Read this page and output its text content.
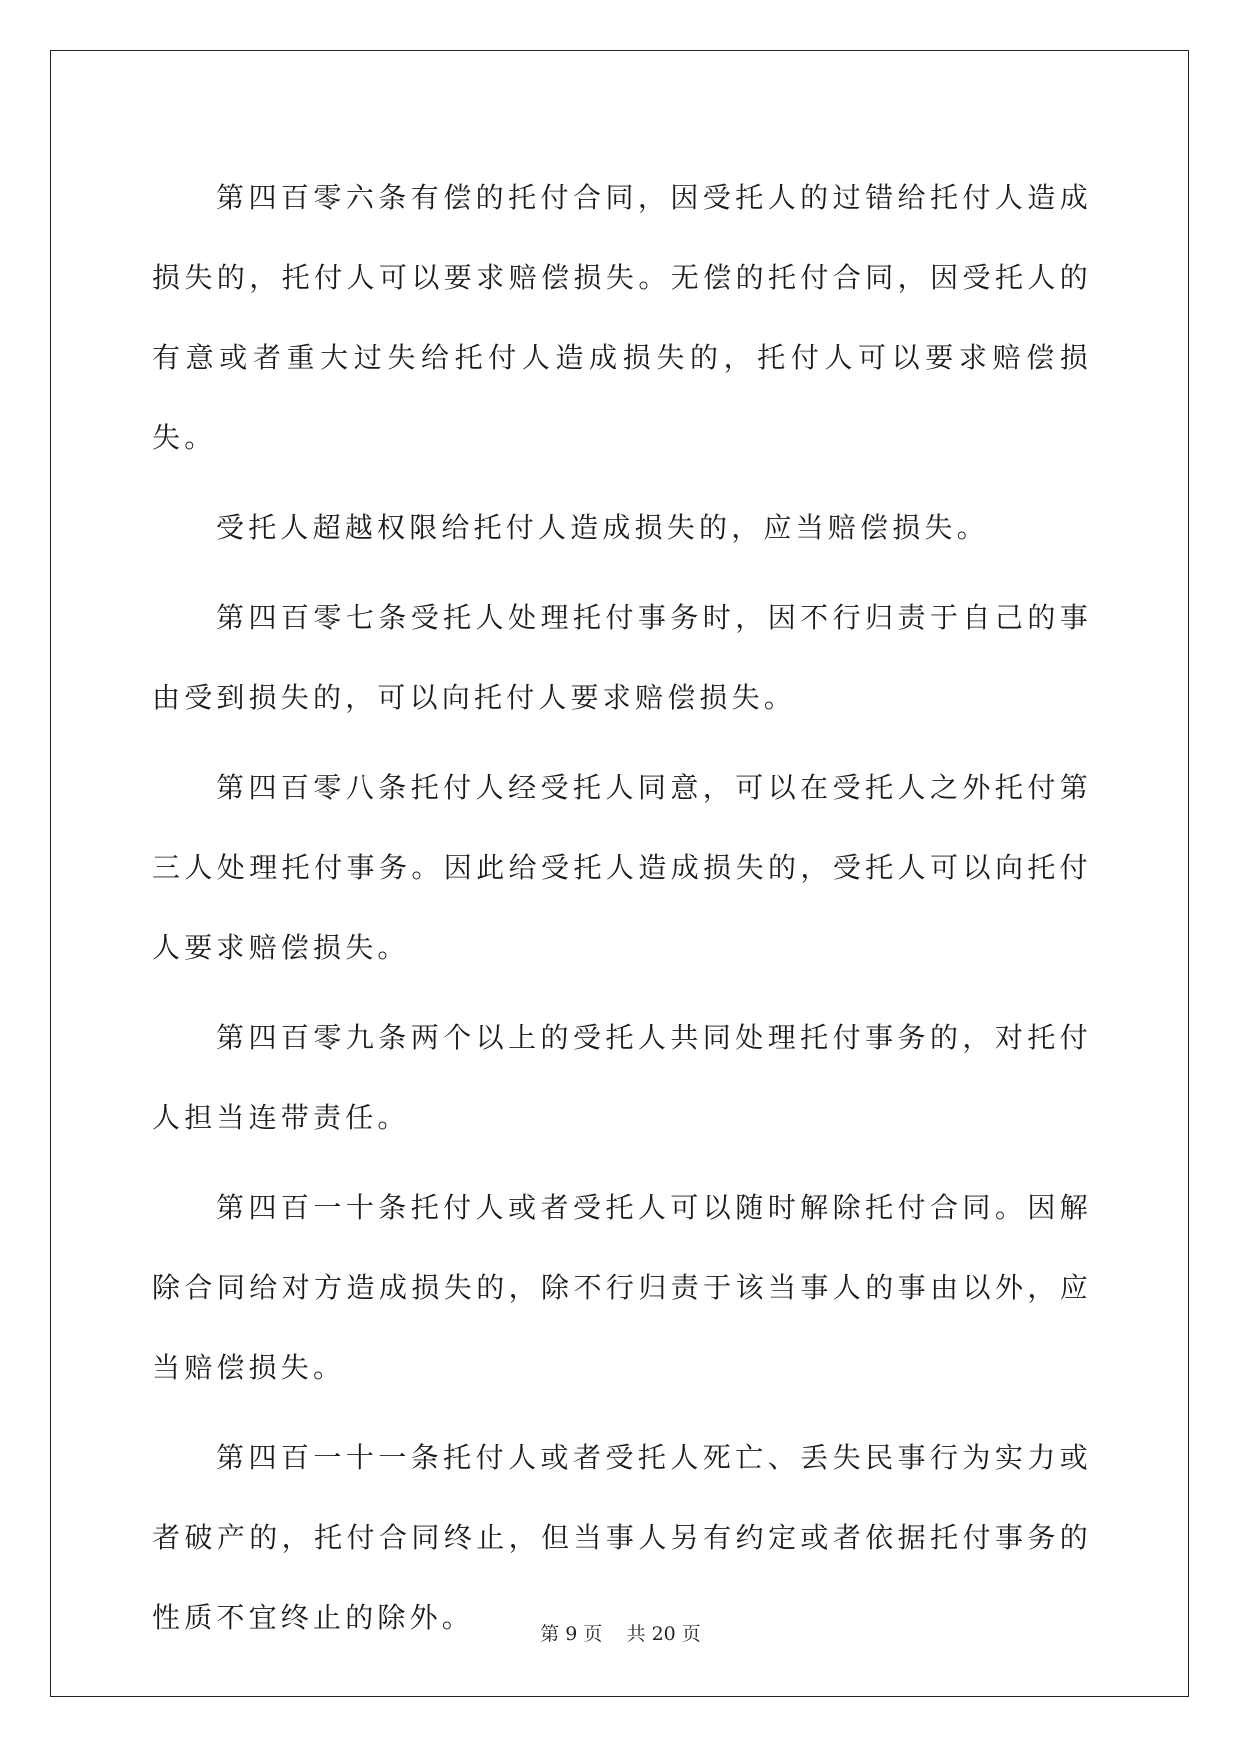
第四百零六条有偿的托付合同，因受托人的过错给托付人造成损失的，托付人可以要求赔偿损失。无偿的托付合同，因受托人的有意或者重大过失给托付人造成损失的，托付人可以要求赔偿损失。

受托人超越权限给托付人造成损失的，应当赔偿损失。

第四百零七条受托人处理托付事务时，因不行归责于自己的事由受到损失的，可以向托付人要求赔偿损失。

第四百零八条托付人经受托人同意，可以在受托人之外托付第三人处理托付事务。因此给受托人造成损失的，受托人可以向托付人要求赔偿损失。

第四百零九条两个以上的受托人共同处理托付事务的，对托付人担当连带责任。

第四百一十条托付人或者受托人可以随时解除托付合同。因解除合同给对方造成损失的，除不行归责于该当事人的事由以外，应当赔偿损失。

第四百一十一条托付人或者受托人死亡、丢失民事行为实力或者破产的，托付合同终止，但当事人另有约定或者依据托付事务的性质不宜终止的除外。	第 9 页    共 20 页
